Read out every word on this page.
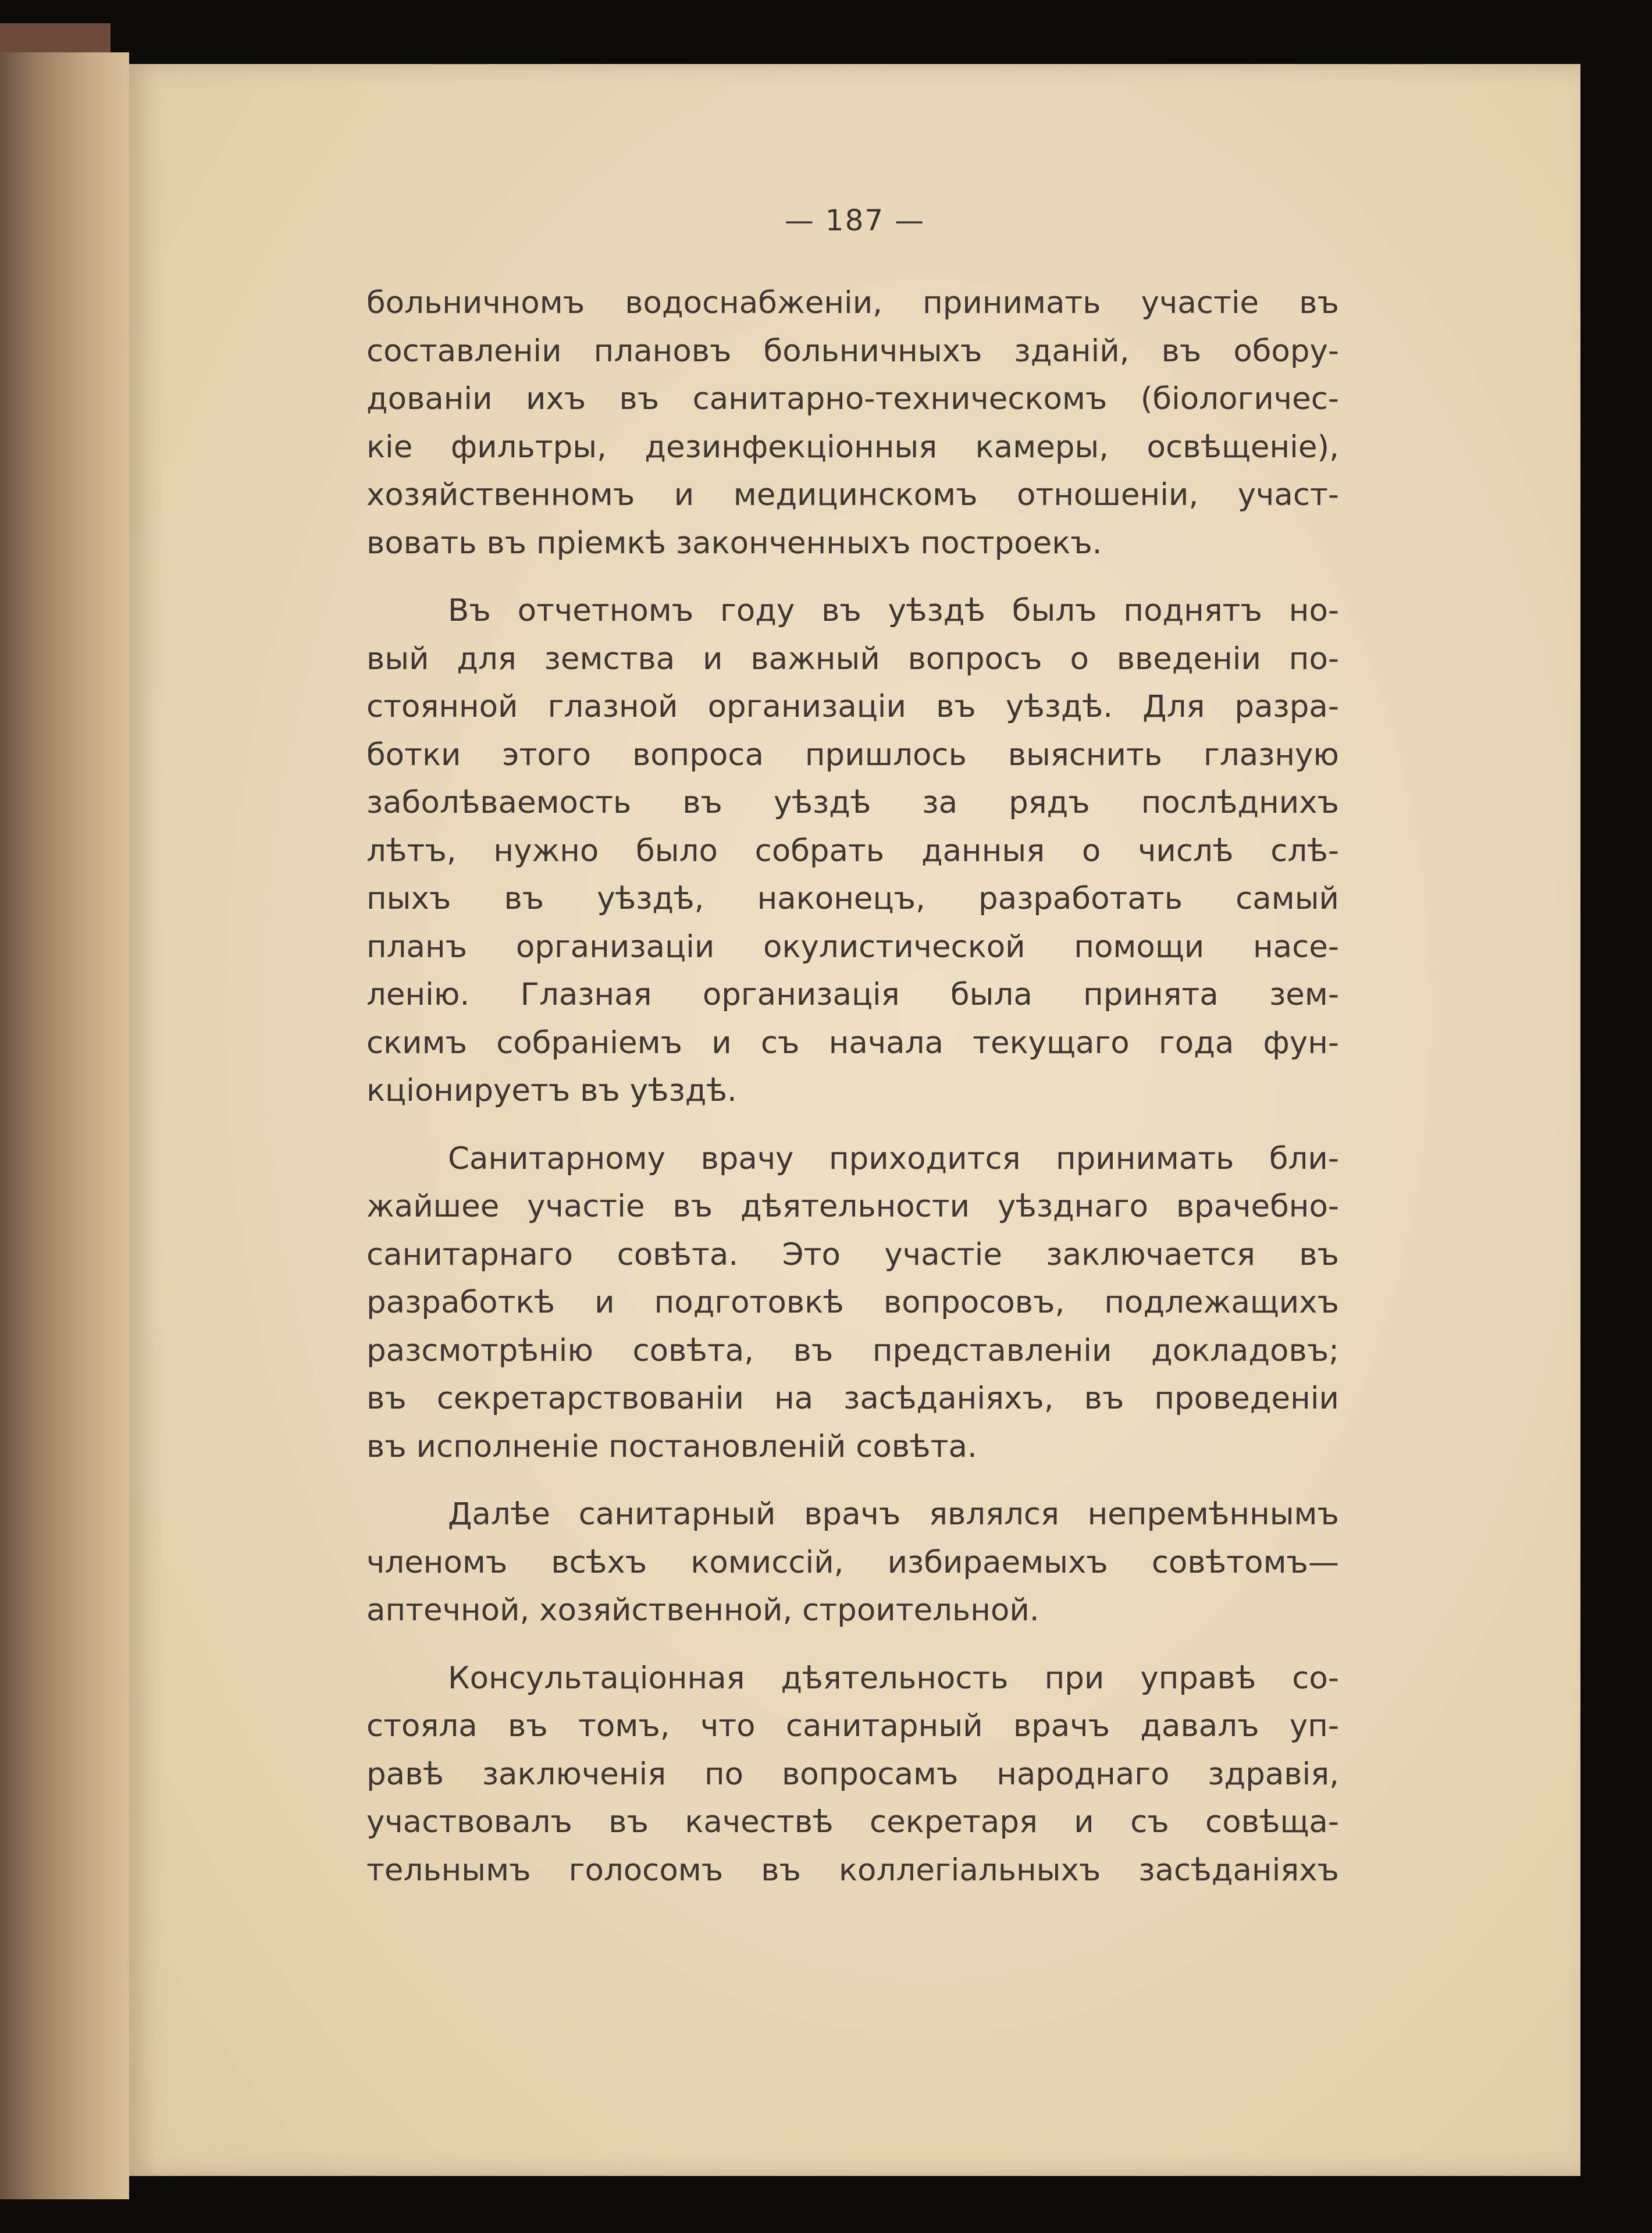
— 187 —
больничномъ водоснабженіи, принимать участіе въ
составленіи плановъ больничныхъ зданій, въ обору-
дованіи ихъ въ санитарно-техническомъ (біологичес-
кіе фильтры, дезинфекціонныя камеры, освѣщеніе),
хозяйственномъ и медицинскомъ отношеніи, участ-
вовать въ пріемкѣ законченныхъ построекъ.
Въ отчетномъ году въ уѣздѣ былъ поднятъ но-
вый для земства и важный вопросъ о введеніи по-
стоянной глазной организаціи въ уѣздѣ. Для разра-
ботки этого вопроса пришлось выяснить глазную
заболѣваемость въ уѣздѣ за рядъ послѣднихъ
лѣтъ, нужно было собрать данныя о числѣ слѣ-
пыхъ въ уѣздѣ, наконецъ, разработать самый
планъ организаціи окулистической помощи насе-
ленію. Глазная организація была принята зем-
скимъ собраніемъ и съ начала текущаго года фун-
кціонируетъ въ уѣздѣ.
Санитарному врачу приходится принимать бли-
жайшее участіе въ дѣятельности уѣзднаго врачебно-
санитарнаго совѣта. Это участіе заключается въ
разработкѣ и подготовкѣ вопросовъ, подлежащихъ
разсмотрѣнію совѣта, въ представленіи докладовъ;
въ секретарствованіи на засѣданіяхъ, въ проведеніи
въ исполненіе постановленій совѣта.
Далѣе санитарный врачъ являлся непремѣннымъ
членомъ всѣхъ комиссій, избираемыхъ совѣтомъ—
аптечной, хозяйственной, строительной.
Консультаціонная дѣятельность при управѣ со-
стояла въ томъ, что санитарный врачъ давалъ уп-
равѣ заключенія по вопросамъ народнаго здравія,
участвовалъ въ качествѣ секретаря и съ совѣща-
тельнымъ голосомъ въ коллегіальныхъ засѣданіяхъ
